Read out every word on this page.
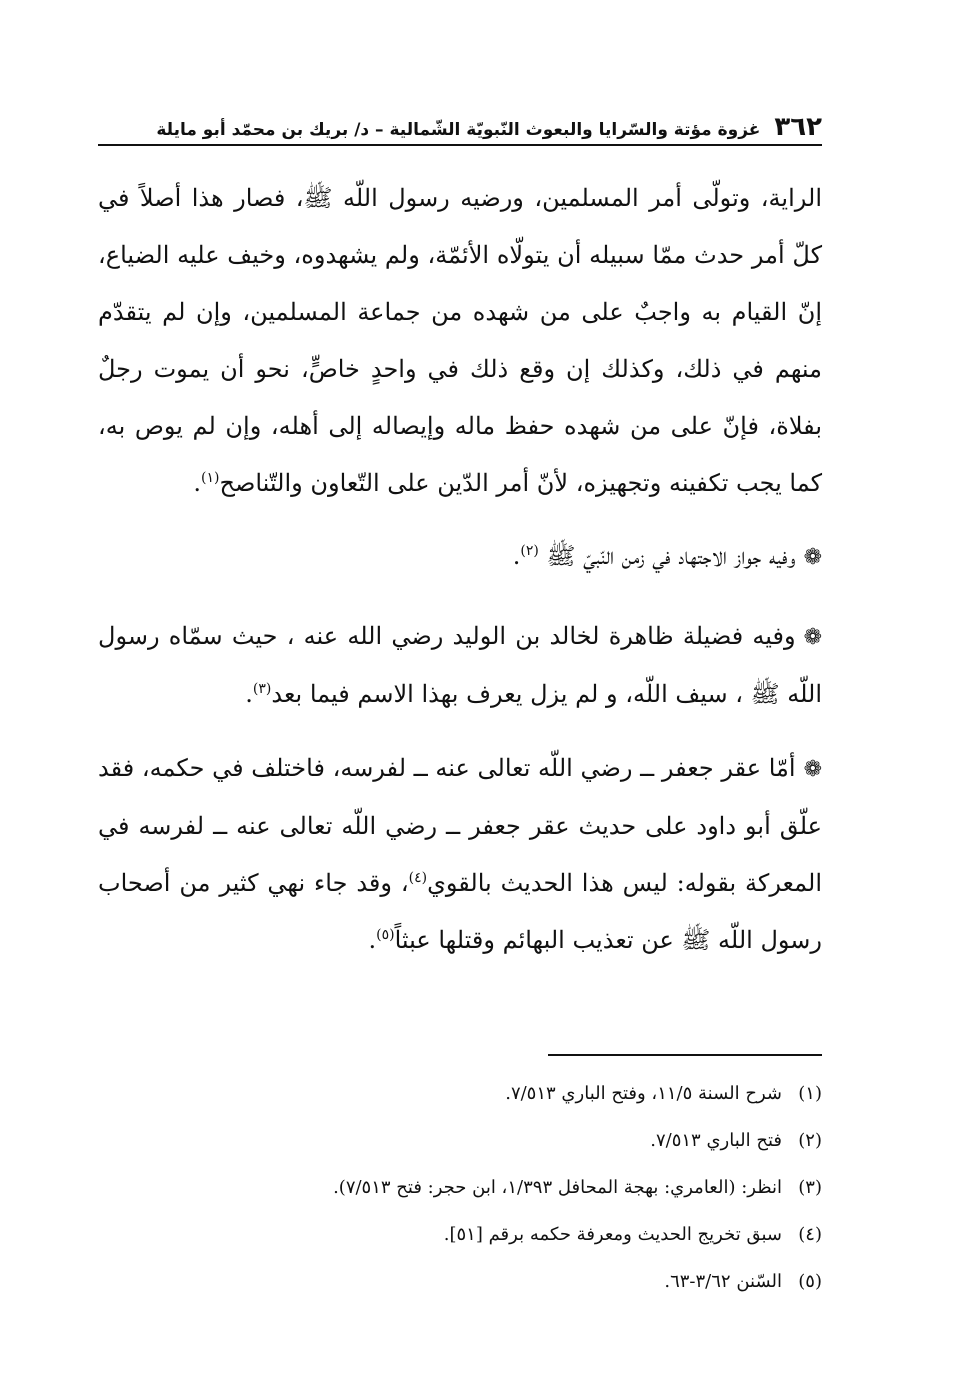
٣٦٢
غزوة مؤتة والسّرايا والبعوث النّبويّة الشّمالية – د/ بريك بن محمّد أبو مايلة

الراية، وتولّى أمر المسلمين، ورضيه رسول اللّه ﷺ، فصار هذا أصلاً في كلّ أمر حدث ممّا سبيله أن يتولّاه الأئمّة، ولم يشهدوه، وخيف عليه الضياع، إنّ القيام به واجبٌ على من شهده من جماعة المسلمين، وإن لم يتقدّم منهم في ذلك، وكذلك إن وقع ذلك في واحدٍ خاصٍّ، نحو أن يموت رجلٌ بفلاة، فإنّ على من شهده حفظ ماله وإيصاله إلى أهله، وإن لم يوص به، كما يجب تكفينه وتجهيزه، لأنّ أمر الدّين على التّعاون والتّناصح$^{(١)}$.

❁وفيه جواز الاجتهاد في زمن النّبيّ ﷺ $^{(٢)}$.
❁وفيه فضيلة ظاهرة لخالد بن الوليد رضي الله عنه ، حيث سمّاه رسول اللّه ﷺ ، سيف اللّه، و لم يزل يعرف بهذا الاسم فيما بعد$^{(٣)}$.
❁أمّا عقر جعفر ــ رضي اللّه تعالى عنه ــ لفرسه، فاختلف في حكمه، فقد علّق أبو داود على حديث عقر جعفر ــ رضي اللّه تعالى عنه ــ لفرسه في المعركة بقوله: ليس هذا الحديث بالقوي$^{(٤)}$، وقد جاء نهي كثير من أصحاب رسول اللّه ﷺ عن تعذيب البهائم وقتلها عبثاً$^{(٥)}$.
(١)
شرح السنة ١١/٥، وفتح الباري ٧/٥١٣.
(٢)
فتح الباري ٧/٥١٣.
(٣)
انظر: (العامري: بهجة المحافل ١/٣٩٣، ابن حجر: فتح ٧/٥١٣).
(٤)
سبق تخريج الحديث ومعرفة حكمه برقم [٥١].
(٥)
السّنن ٣/٦٢-٦٣.
